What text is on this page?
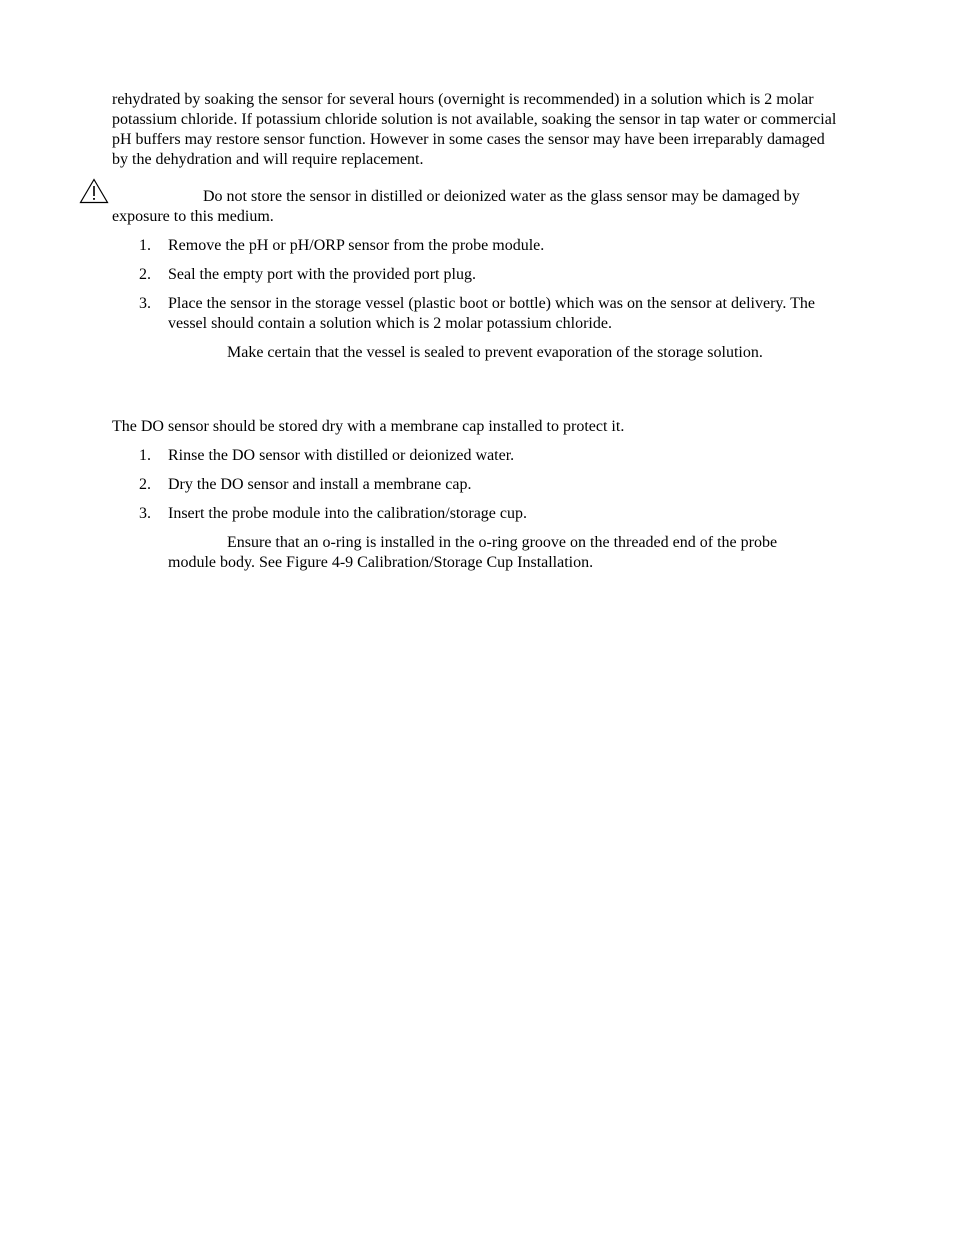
rehydrated by soaking the sensor for several hours (overnight is recommended) in a solution which is 2 molar potassium chloride. If potassium chloride solution is not available, soaking the sensor in tap water or commercial pH buffers may restore sensor function. However in some cases the sensor may have been irreparably damaged by the dehydration and will require replacement.

Do not store the sensor in distilled or deionized water as the glass sensor may be damaged by exposure to this medium.

1.	Remove the pH or pH/ORP sensor from the probe module.
2.	Seal the empty port with the provided port plug.
3.	Place the sensor in the storage vessel (plastic boot or bottle) which was on the sensor at delivery. The vessel should contain a solution which is 2 molar potassium chloride.

Make certain that the vessel is sealed to prevent evaporation of the storage solution.

The DO sensor should be stored dry with a membrane cap installed to protect it.

1.	Rinse the DO sensor with distilled or deionized water.
2.	Dry the DO sensor and install a membrane cap.
3.	Insert the probe module into the calibration/storage cup.

Ensure that an o-ring is installed in the o-ring groove on the threaded end of the probe module body. See Figure 4-9 Calibration/Storage Cup Installation.
